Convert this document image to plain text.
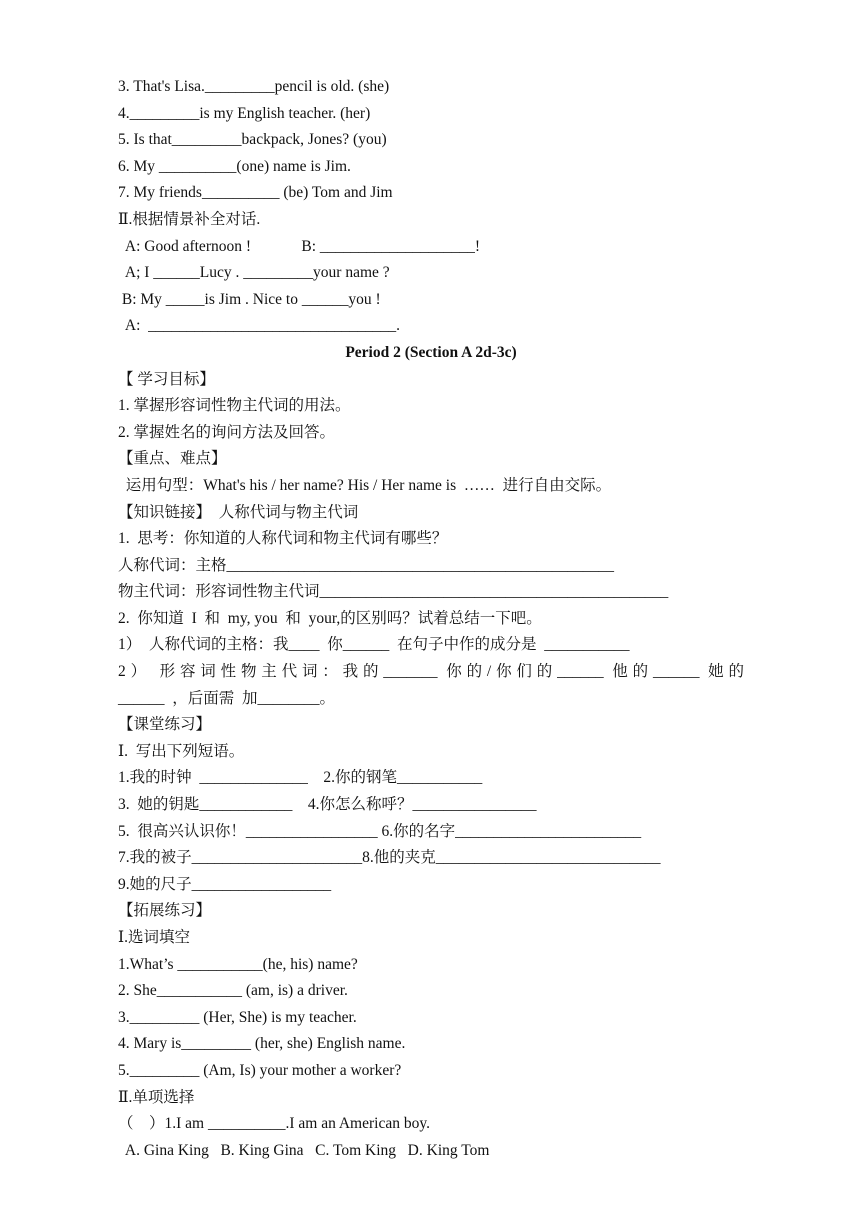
3. That's Lisa._________pencil is old. (she)
4._________is my English teacher. (her)
5. Is that_________backpack, Jones? (you)
6. My __________(one) name is Jim.
7. My friends__________ (be) Tom and Jim
Ⅱ.根据情景补全对话.
A: Good afternoon !             B: ____________________!
A; I ______Lucy . _________your name ?
B: My _____is Jim . Nice to ______you !
A:  ________________________________.
Period 2 (Section A 2d-3c)
【 学习目标】
1. 掌握形容词性物主代词的用法。
2. 掌握姓名的询问方法及回答。
【重点、难点】
运用句型：What's his / her name? His / Her name is  ……  进行自由交际。
【知识链接】  人称代词与物主代词
1.  思考：你知道的人称代词和物主代词有哪些？
人称代词：主格__________________________________________________
物主代词：形容词性物主代词_____________________________________________
2.  你知道  I  和  my, you  和  your,的区别吗？试着总结一下吧。
1）  人称代词的主格：我____  你______  在句子中作的成分是  ___________
2） 形容词性物主代词：我的_______ 你的/你们的______ 他的______ 她的
______  ，后面需  加________。
【课堂练习】
Ⅰ.  写出下列短语。
1.我的时钟  ______________    2.你的钢笔___________
3.  她的钥匙____________    4.你怎么称呼？________________
5.  很高兴认识你！_________________ 6.你的名字________________________
7.我的被子______________________8.他的夹克_____________________________
9.她的尺子__________________
【拓展练习】
Ⅰ.选词填空
1.What’s ___________(he, his) name?
2. She___________ (am, is) a driver.
3._________ (Her, She) is my teacher.
4. Mary is_________ (her, she) English name.
5._________ (Am, Is) your mother a worker?
Ⅱ.单项选择
（    ）1.I am __________.I am an American boy.
A. Gina King   B. King Gina   C. Tom King   D. King Tom
